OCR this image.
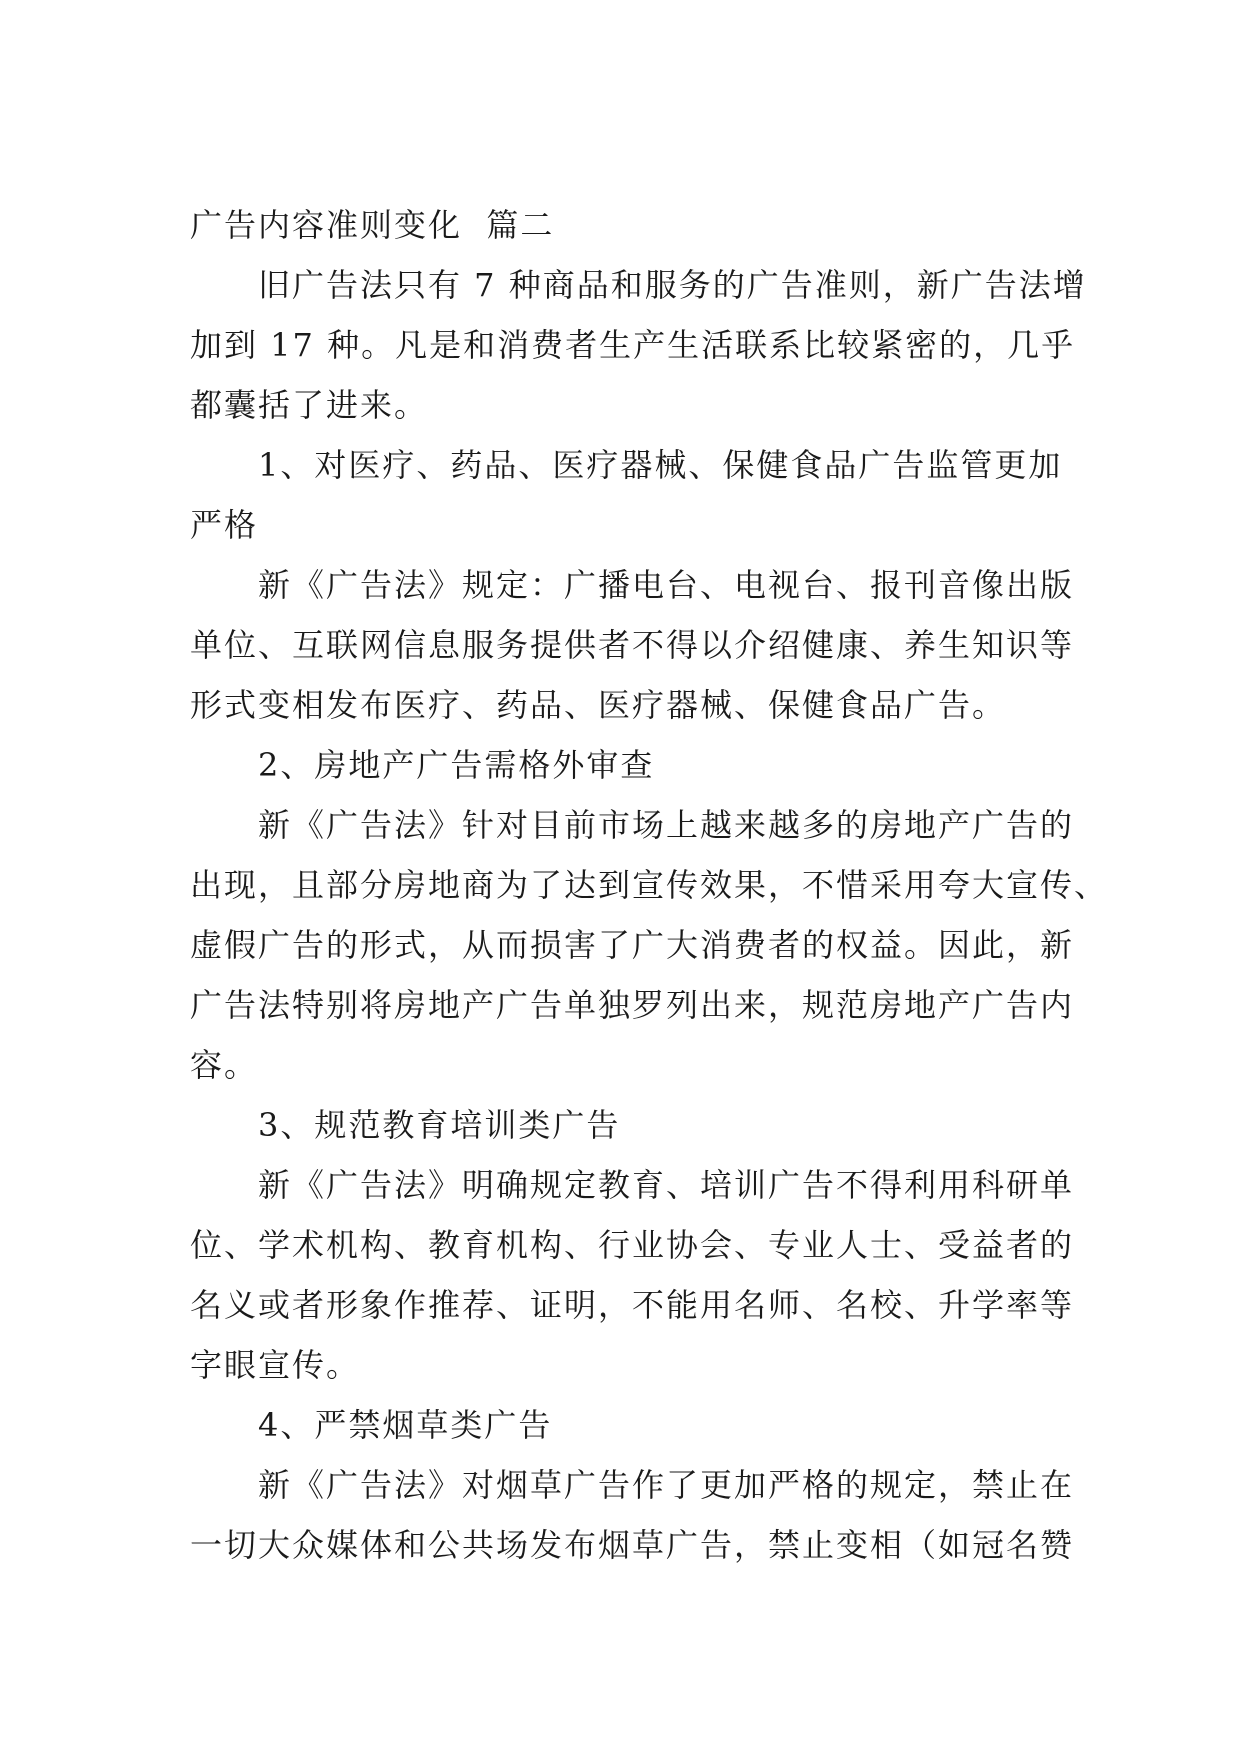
广告内容准则变化  篇二

　　旧广告法只有 7 种商品和服务的广告准则，新广告法增
加到 17 种。凡是和消费者生产生活联系比较紧密的，几乎
都囊括了进来。

　　1、对医疗、药品、医疗器械、保健食品广告监管更加
严格

　　新《广告法》规定：广播电台、电视台、报刊音像出版
单位、互联网信息服务提供者不得以介绍健康、养生知识等
形式变相发布医疗、药品、医疗器械、保健食品广告。

　　2、房地产广告需格外审查

　　新《广告法》针对目前市场上越来越多的房地产广告的
出现，且部分房地商为了达到宣传效果，不惜采用夸大宣传、
虚假广告的形式，从而损害了广大消费者的权益。因此，新
广告法特别将房地产广告单独罗列出来，规范房地产广告内
容。

　　3、规范教育培训类广告

　　新《广告法》明确规定教育、培训广告不得利用科研单
位、学术机构、教育机构、行业协会、专业人士、受益者的
名义或者形象作推荐、证明，不能用名师、名校、升学率等
字眼宣传。

　　4、严禁烟草类广告

　　新《广告法》对烟草广告作了更加严格的规定，禁止在
一切大众媒体和公共场发布烟草广告，禁止变相（如冠名赞
